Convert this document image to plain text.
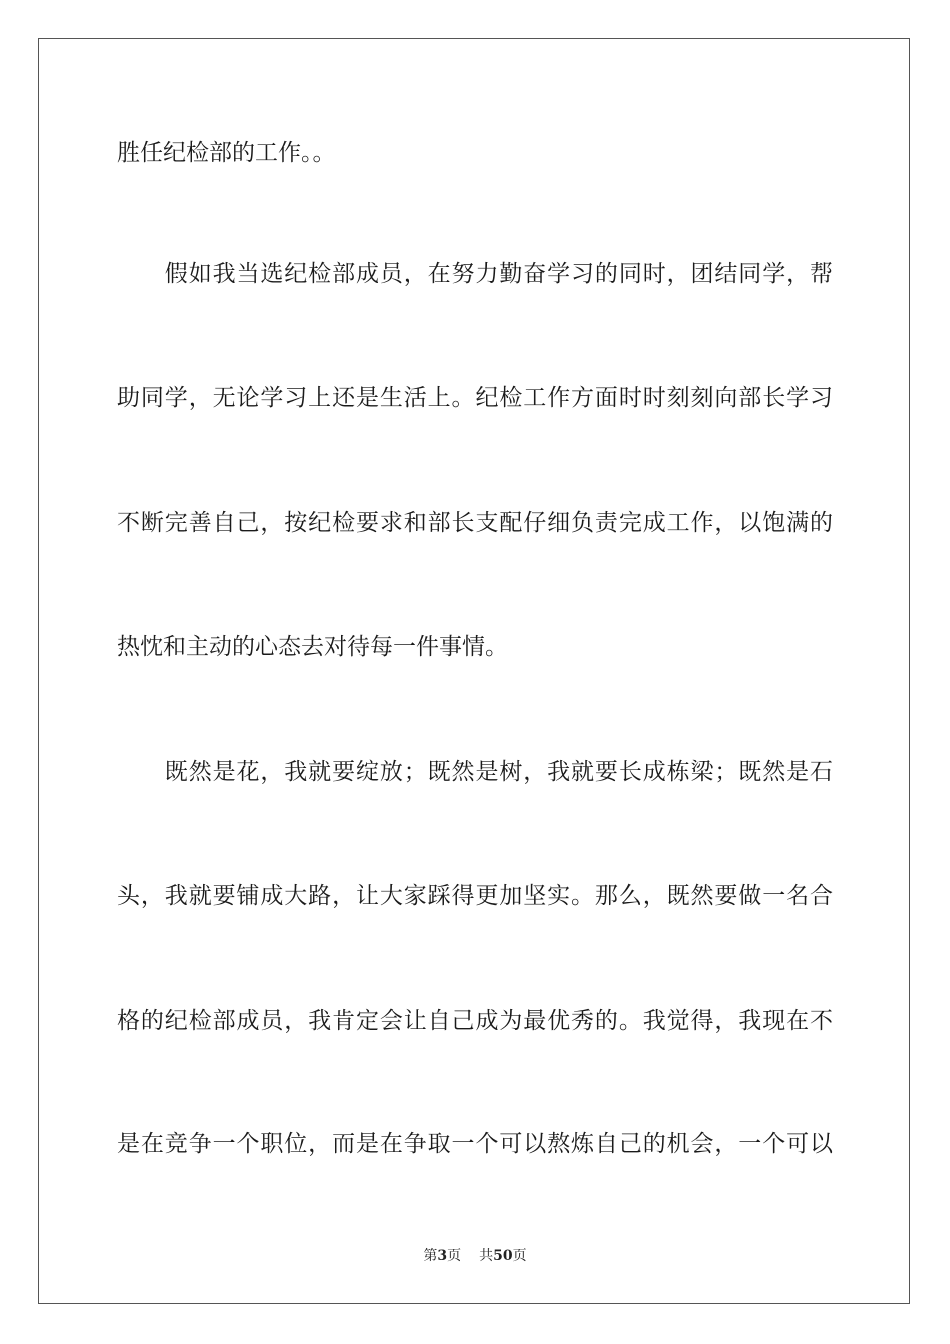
胜任纪检部的工作。。
　　假如我当选纪检部成员，在努力勤奋学习的同时，团结同学，帮
助同学，无论学习上还是生活上。纪检工作方面时时刻刻向部长学习
不断完善自己，按纪检要求和部长支配仔细负责完成工作，以饱满的
热忱和主动的心态去对待每一件事情。
　　既然是花，我就要绽放；既然是树，我就要长成栋梁；既然是石
头，我就要铺成大路，让大家踩得更加坚实。那么，既然要做一名合
格的纪检部成员，我肯定会让自己成为最优秀的。我觉得，我现在不
是在竞争一个职位，而是在争取一个可以熬炼自己的机会，一个可以
第3页 共50页
